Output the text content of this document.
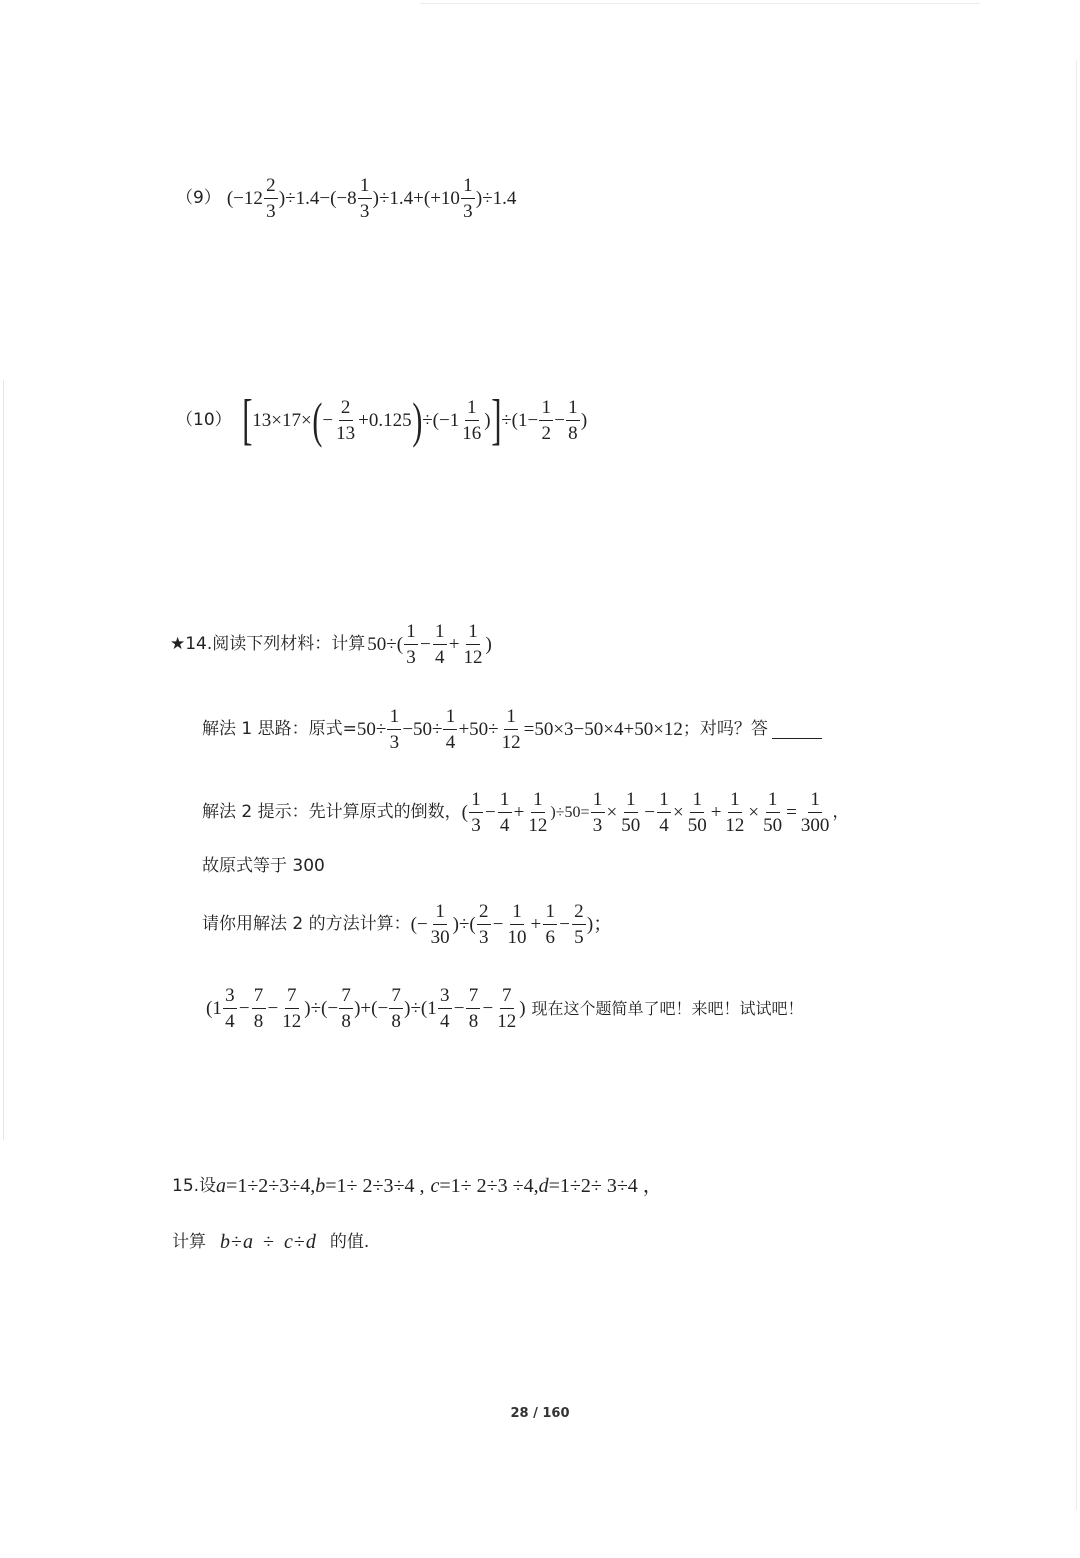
（9） $(-12 \frac{2}{3} )\div 1.4-(-8 \frac{1}{3} )\div 1.4+(+10 \frac{1}{3} )\div 1.4$
（10） [ 13×17× ( − $\frac{2}{13} +0.125$ ) $\div(-1 \frac{1}{16}$ ) ] $\div(1- \frac{1}{2} - \frac{1}{8}$ )
★14.阅读下列材料：计算 $50\div( \frac{1}{3} - \frac{1}{4} + \frac{1}{12}$ )
解法 1 思路：原式= $50\div \frac{1}{3} -50\div \frac{1}{4} +50\div \frac{1}{12} =50\times 3-50\times 4+50\times 12$ ；对吗？答
解法 2 提示：先计算原式的倒数， ( $\frac{1}{3} - \frac{1}{4} + \frac{1}{12} )\div 50= \frac{1}{3} \times \frac{1}{50} - \frac{1}{4} \times \frac{1}{50} + \frac{1}{12} \times \frac{1}{50} = \frac{1}{300}$ ，
故原式等于 300
请你用解法 2 的方法计算： (− $\frac{1}{30}$ )÷( $\frac{2}{3} - \frac{1}{10} + \frac{1}{6} - \frac{2}{5}$ )；
($1 \frac{3}{4} - \frac{7}{8} - \frac{7}{12}$ )÷(− $\frac{7}{8}$ )+(− $\frac{7}{8} )\div(1 \frac{3}{4} - \frac{7}{8} - \frac{7}{12}$ ) 现在这个题简单了吧！来吧！试试吧！
15.设 a =1÷2÷3÷4, b =1÷ 2÷3÷4 , c =1÷ 2÷3 ÷4, d =1÷2÷ 3÷4 ，
计算 b ÷ a ÷ c ÷ d 的值.
28 / 160
